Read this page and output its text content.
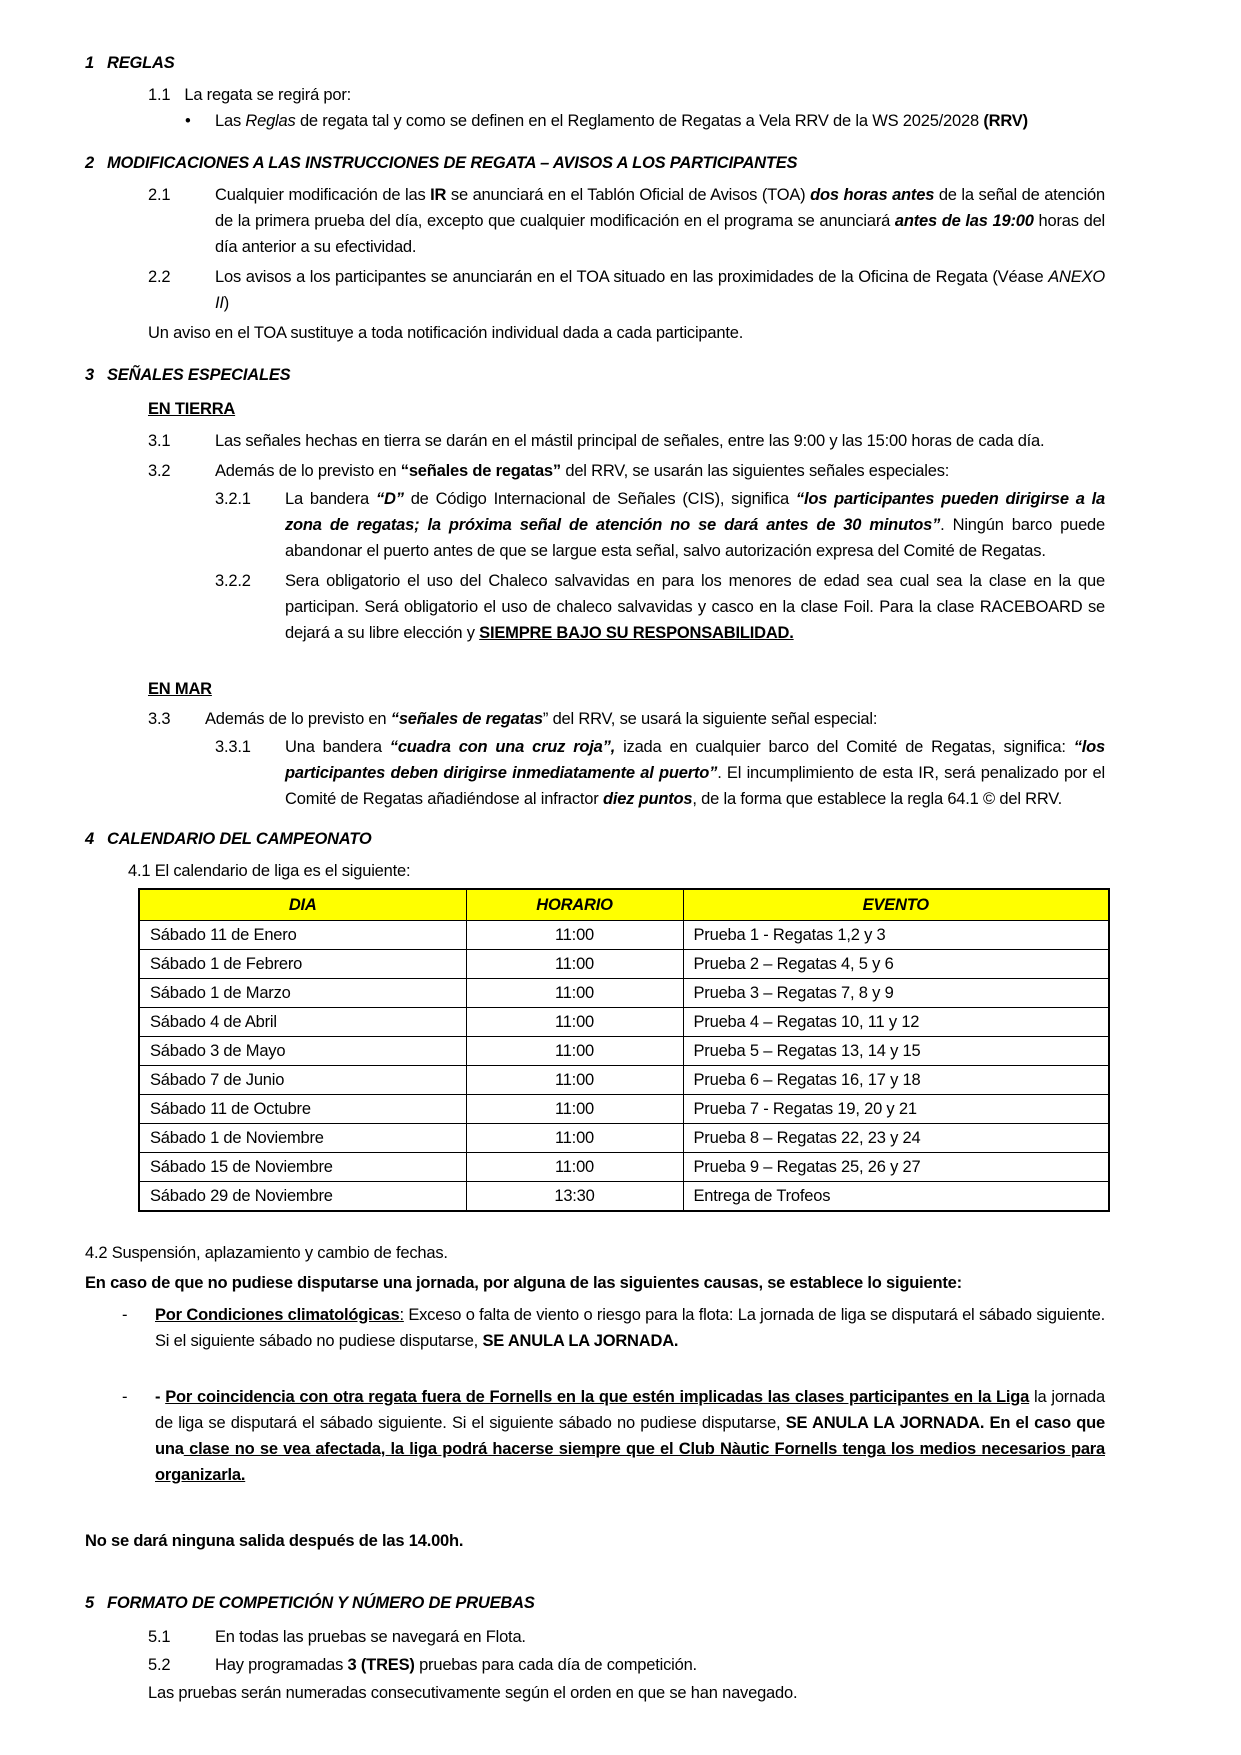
1 REGLAS
1.1 La regata se regirá por:
•	Las Reglas de regata tal y como se definen en el Reglamento de Regatas a Vela RRV de la WS 2025/2028 (RRV)
2 MODIFICACIONES A LAS INSTRUCCIONES DE REGATA – AVISOS A LOS PARTICIPANTES
2.1	Cualquier modificación de las IR se anunciará en el Tablón Oficial de Avisos (TOA) dos horas antes de la señal de atención de la primera prueba del día, excepto que cualquier modificación en el programa se anunciará antes de las 19:00 horas del día anterior a su efectividad.
2.2	Los avisos a los participantes se anunciarán en el TOA situado en las proximidades de la Oficina de Regata (Véase ANEXO II)
Un aviso en el TOA sustituye a toda notificación individual dada a cada participante.
3 SEÑALES ESPECIALES
EN TIERRA
3.1	Las señales hechas en tierra se darán en el mástil principal de señales, entre las 9:00 y las 15:00 horas de cada día.
3.2	Además de lo previsto en “señales de regatas” del RRV, se usarán las siguientes señales especiales:
3.2.1	La bandera “D” de Código Internacional de Señales (CIS), significa “los participantes pueden dirigirse a la zona de regatas; la próxima señal de atención no se dará antes de 30 minutos”. Ningún barco puede abandonar el puerto antes de que se largue esta señal, salvo autorización expresa del Comité de Regatas.
3.2.2	Sera obligatorio el uso del Chaleco salvavidas en para los menores de edad sea cual sea la clase en la que participan. Será obligatorio el uso de chaleco salvavidas y casco en la clase Foil. Para la clase RACEBOARD se dejará a su libre elección y SIEMPRE BAJO SU RESPONSABILIDAD.
EN MAR
3.3	Además de lo previsto en “señales de regatas” del RRV, se usará la siguiente señal especial:
3.3.1	Una bandera “cuadra con una cruz roja”, izada en cualquier barco del Comité de Regatas, significa: “los participantes deben dirigirse inmediatamente al puerto”. El incumplimiento de esta IR, será penalizado por el Comité de Regatas añadiéndose al infractor diez puntos, de la forma que establece la regla 64.1 © del RRV.
4 CALENDARIO DEL CAMPEONATO
4.1 El calendario de liga es el siguiente:
DIA	HORARIO	EVENTO
Sábado 11 de Enero	11:00	Prueba 1 - Regatas 1,2 y 3
Sábado 1 de Febrero	11:00	Prueba 2 – Regatas 4, 5 y 6
Sábado 1 de Marzo	11:00	Prueba 3 – Regatas 7, 8 y 9
Sábado 4 de Abril	11:00	Prueba 4 – Regatas 10, 11 y 12
Sábado 3 de Mayo	11:00	Prueba 5 – Regatas 13, 14 y 15
Sábado 7 de Junio	11:00	Prueba 6 – Regatas 16, 17 y 18
Sábado 11 de Octubre	11:00	Prueba 7 - Regatas 19, 20 y 21
Sábado 1 de Noviembre	11:00	Prueba 8 – Regatas 22, 23 y 24
Sábado 15 de Noviembre	11:00	Prueba 9 – Regatas 25, 26 y 27
Sábado 29 de Noviembre	13:30	Entrega de Trofeos
4.2 Suspensión, aplazamiento y cambio de fechas.
En caso de que no pudiese disputarse una jornada, por alguna de las siguientes causas, se establece lo siguiente:
-	Por Condiciones climatológicas: Exceso o falta de viento o riesgo para la flota: La jornada de liga se disputará el sábado siguiente. Si el siguiente sábado no pudiese disputarse, SE ANULA LA JORNADA.
-	- Por coincidencia con otra regata fuera de Fornells en la que estén implicadas las clases participantes en la Liga la jornada de liga se disputará el sábado siguiente. Si el siguiente sábado no pudiese disputarse, SE ANULA LA JORNADA. En el caso que una clase no se vea afectada, la liga podrá hacerse siempre que el Club Nàutic Fornells tenga los medios necesarios para organizarla.
No se dará ninguna salida después de las 14.00h.
5 FORMATO DE COMPETICIÓN Y NÚMERO DE PRUEBAS
5.1	En todas las pruebas se navegará en Flota.
5.2	Hay programadas 3 (TRES) pruebas para cada día de competición.
Las pruebas serán numeradas consecutivamente según el orden en que se han navegado.
